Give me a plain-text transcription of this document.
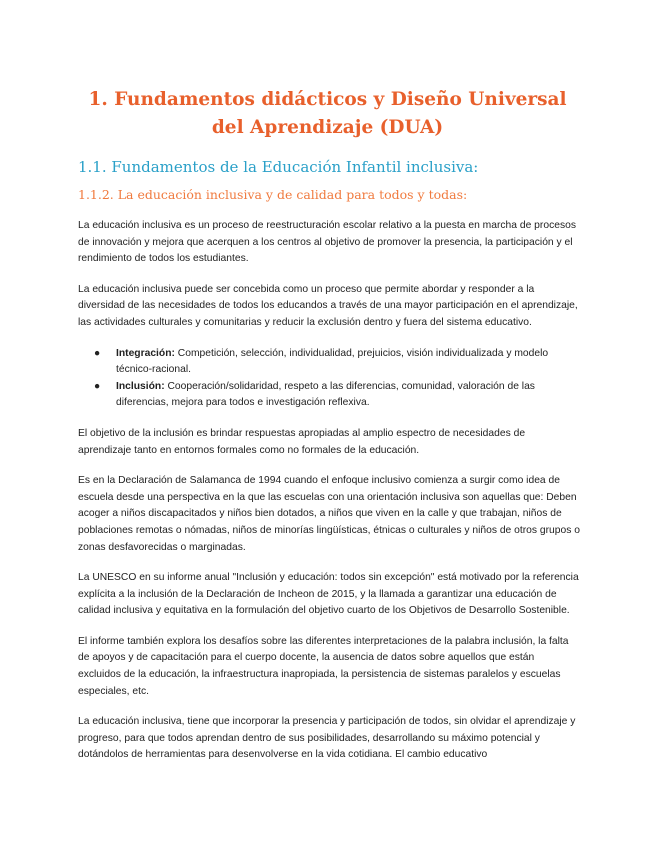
1. Fundamentos didácticos y Diseño Universal del Aprendizaje (DUA)
1.1. Fundamentos de la Educación Infantil inclusiva:
1.1.2. La educación inclusiva y de calidad para todos y todas:

La educación inclusiva es un proceso de reestructuración escolar relativo a la puesta en marcha de procesos de innovación y mejora que acerquen a los centros al objetivo de promover la presencia, la participación y el rendimiento de todos los estudiantes.

La educación inclusiva puede ser concebida como un proceso que permite abordar y responder a la diversidad de las necesidades de todos los educandos a través de una mayor participación en el aprendizaje, las actividades culturales y comunitarias y reducir la exclusión dentro y fuera del sistema educativo.

● Integración: Competición, selección, individualidad, prejuicios, visión individualizada y modelo técnico-racional.
● Inclusión: Cooperación/solidaridad, respeto a las diferencias, comunidad, valoración de las diferencias, mejora para todos e investigación reflexiva.

El objetivo de la inclusión es brindar respuestas apropiadas al amplio espectro de necesidades de aprendizaje tanto en entornos formales como no formales de la educación.

Es en la Declaración de Salamanca de 1994 cuando el enfoque inclusivo comienza a surgir como idea de escuela desde una perspectiva en la que las escuelas con una orientación inclusiva son aquellas que: Deben acoger a niños discapacitados y niños bien dotados, a niños que viven en la calle y que trabajan, niños de poblaciones remotas o nómadas, niños de minorías lingüísticas, étnicas o culturales y niños de otros grupos o zonas desfavorecidas o marginadas.

La UNESCO en su informe anual "Inclusión y educación: todos sin excepción" está motivado por la referencia explícita a la inclusión de la Declaración de Incheon de 2015, y la llamada a garantizar una educación de calidad inclusiva y equitativa en la formulación del objetivo cuarto de los Objetivos de Desarrollo Sostenible.

El informe también explora los desafíos sobre las diferentes interpretaciones de la palabra inclusión, la falta de apoyos y de capacitación para el cuerpo docente, la ausencia de datos sobre aquellos que están excluidos de la educación, la infraestructura inapropiada, la persistencia de sistemas paralelos y escuelas especiales, etc.

La educación inclusiva, tiene que incorporar la presencia y participación de todos, sin olvidar el aprendizaje y progreso, para que todos aprendan dentro de sus posibilidades, desarrollando su máximo potencial y dotándolos de herramientas para desenvolverse en la vida cotidiana. El cambio educativo
